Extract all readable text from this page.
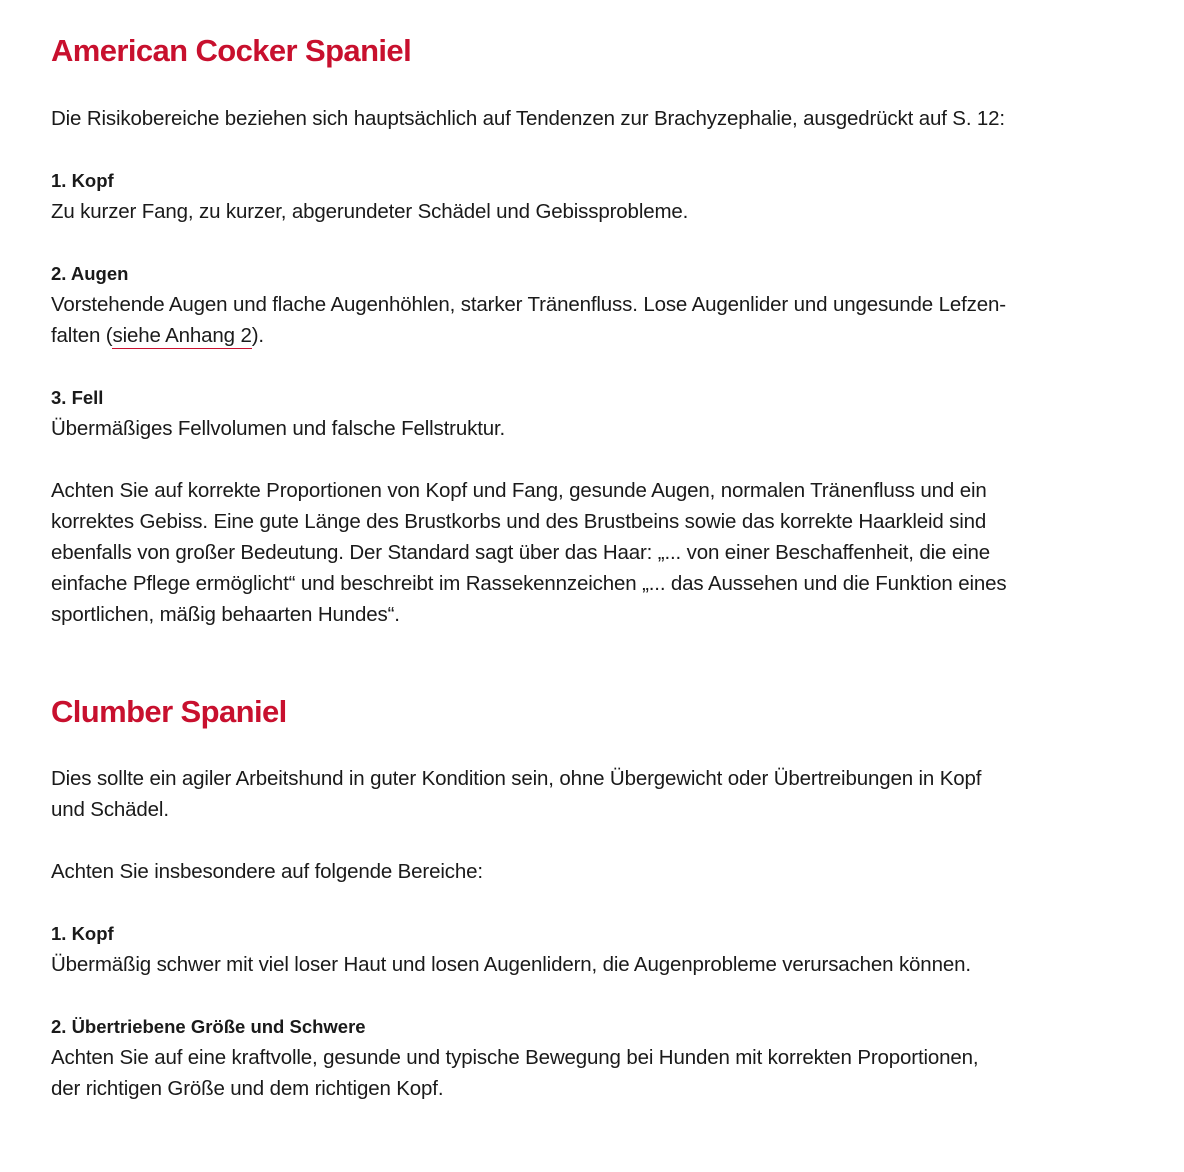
American Cocker Spaniel

Die Risikobereiche beziehen sich hauptsächlich auf Tendenzen zur Brachyzephalie, ausgedrückt auf S. 12:

1. Kopf

Zu kurzer Fang, zu kurzer, abgerundeter Schädel und Gebissprobleme.

2. Augen

Vorstehende Augen und flache Augenhöhlen, starker Tränenfluss. Lose Augenlider und ungesunde Lefzen-
falten (siehe Anhang 2).

3. Fell

Übermäßiges Fellvolumen und falsche Fellstruktur.

Achten Sie auf korrekte Proportionen von Kopf und Fang, gesunde Augen, normalen Tränenfluss und ein
korrektes Gebiss. Eine gute Länge des Brustkorbs und des Brustbeins sowie das korrekte Haarkleid sind
ebenfalls von großer Bedeutung. Der Standard sagt über das Haar: „... von einer Beschaffenheit, die eine
einfache Pflege ermöglicht“ und beschreibt im Rassekennzeichen „... das Aussehen und die Funktion eines
sportlichen, mäßig behaarten Hundes“.

Clumber Spaniel

Dies sollte ein agiler Arbeitshund in guter Kondition sein, ohne Übergewicht oder Übertreibungen in Kopf
und Schädel.

Achten Sie insbesondere auf folgende Bereiche:

1. Kopf

Übermäßig schwer mit viel loser Haut und losen Augenlidern, die Augenprobleme verursachen können.

2. Übertriebene Größe und Schwere

Achten Sie auf eine kraftvolle, gesunde und typische Bewegung bei Hunden mit korrekten Proportionen,
der richtigen Größe und dem richtigen Kopf.
